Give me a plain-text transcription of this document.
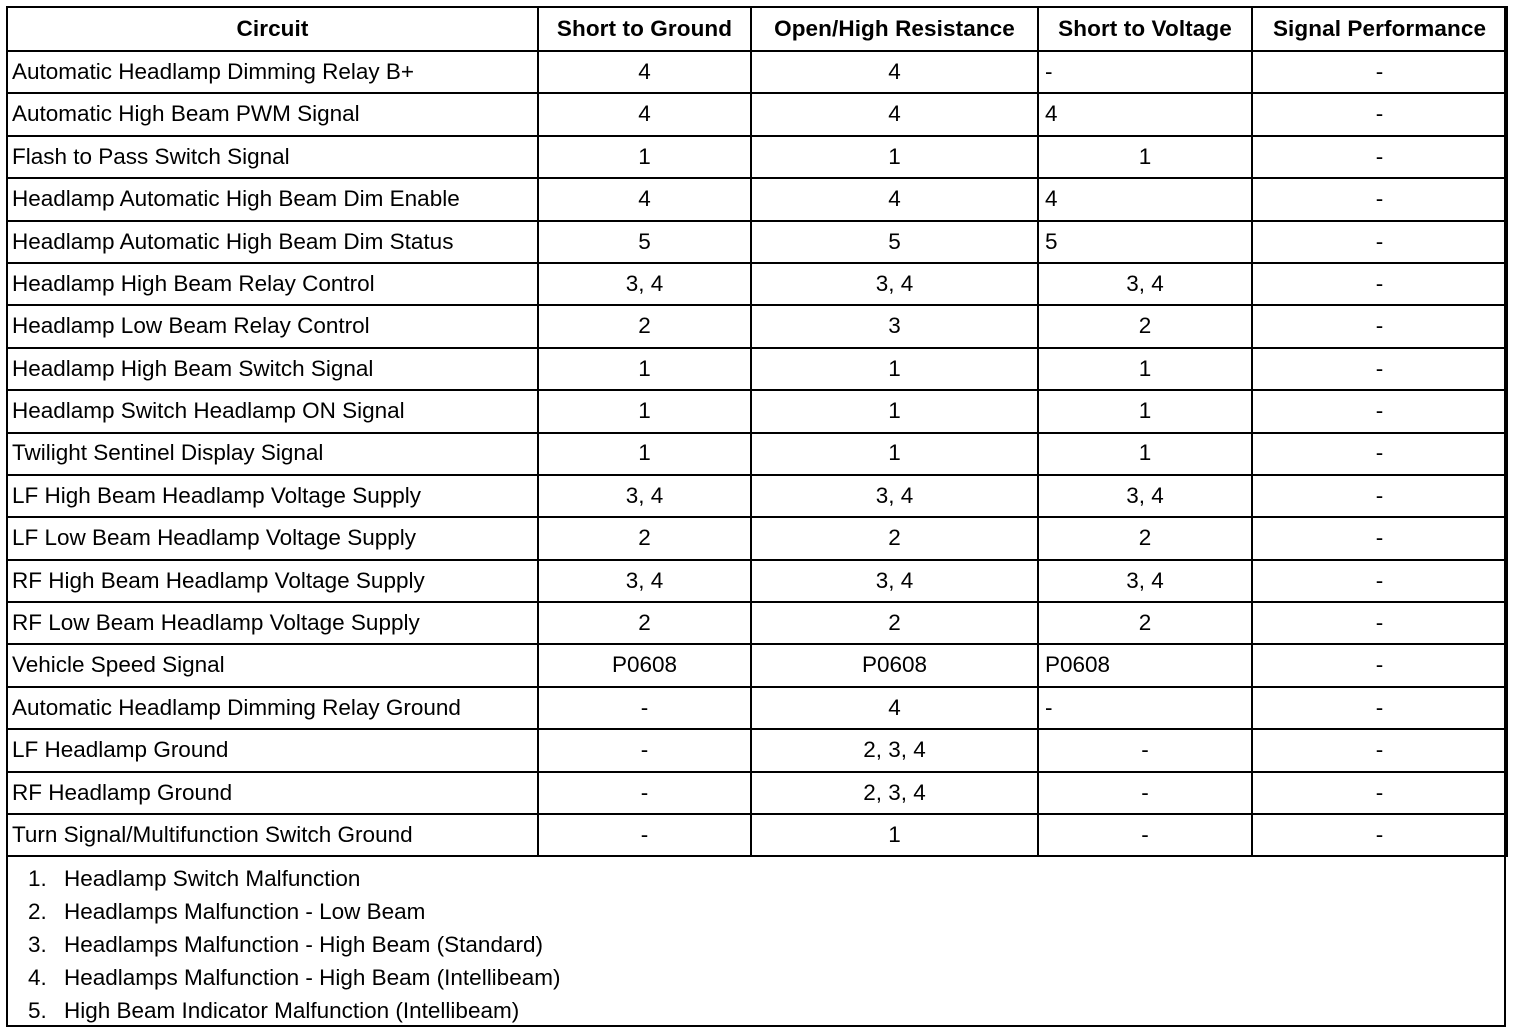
Circuit	Short to Ground	Open/High Resistance	Short to Voltage	Signal Performance
Automatic Headlamp Dimming Relay B+	4	4	-	-
Automatic High Beam PWM Signal	4	4	4	-
Flash to Pass Switch Signal	1	1	1	-
Headlamp Automatic High Beam Dim Enable	4	4	4	-
Headlamp Automatic High Beam Dim Status	5	5	5	-
Headlamp High Beam Relay Control	3, 4	3, 4	3, 4	-
Headlamp Low Beam Relay Control	2	3	2	-
Headlamp High Beam Switch Signal	1	1	1	-
Headlamp Switch Headlamp ON Signal	1	1	1	-
Twilight Sentinel Display Signal	1	1	1	-
LF High Beam Headlamp Voltage Supply	3, 4	3, 4	3, 4	-
LF Low Beam Headlamp Voltage Supply	2	2	2	-
RF High Beam Headlamp Voltage Supply	3, 4	3, 4	3, 4	-
RF Low Beam Headlamp Voltage Supply	2	2	2	-
Vehicle Speed Signal	P0608	P0608	P0608	-
Automatic Headlamp Dimming Relay Ground	-	4	-	-
LF Headlamp Ground	-	2, 3, 4	-	-
RF Headlamp Ground	-	2, 3, 4	-	-
Turn Signal/Multifunction Switch Ground	-	1	-	-
1. Headlamp Switch Malfunction
2. Headlamps Malfunction - Low Beam
3. Headlamps Malfunction - High Beam (Standard)
4. Headlamps Malfunction - High Beam (Intellibeam)
5. High Beam Indicator Malfunction (Intellibeam)
